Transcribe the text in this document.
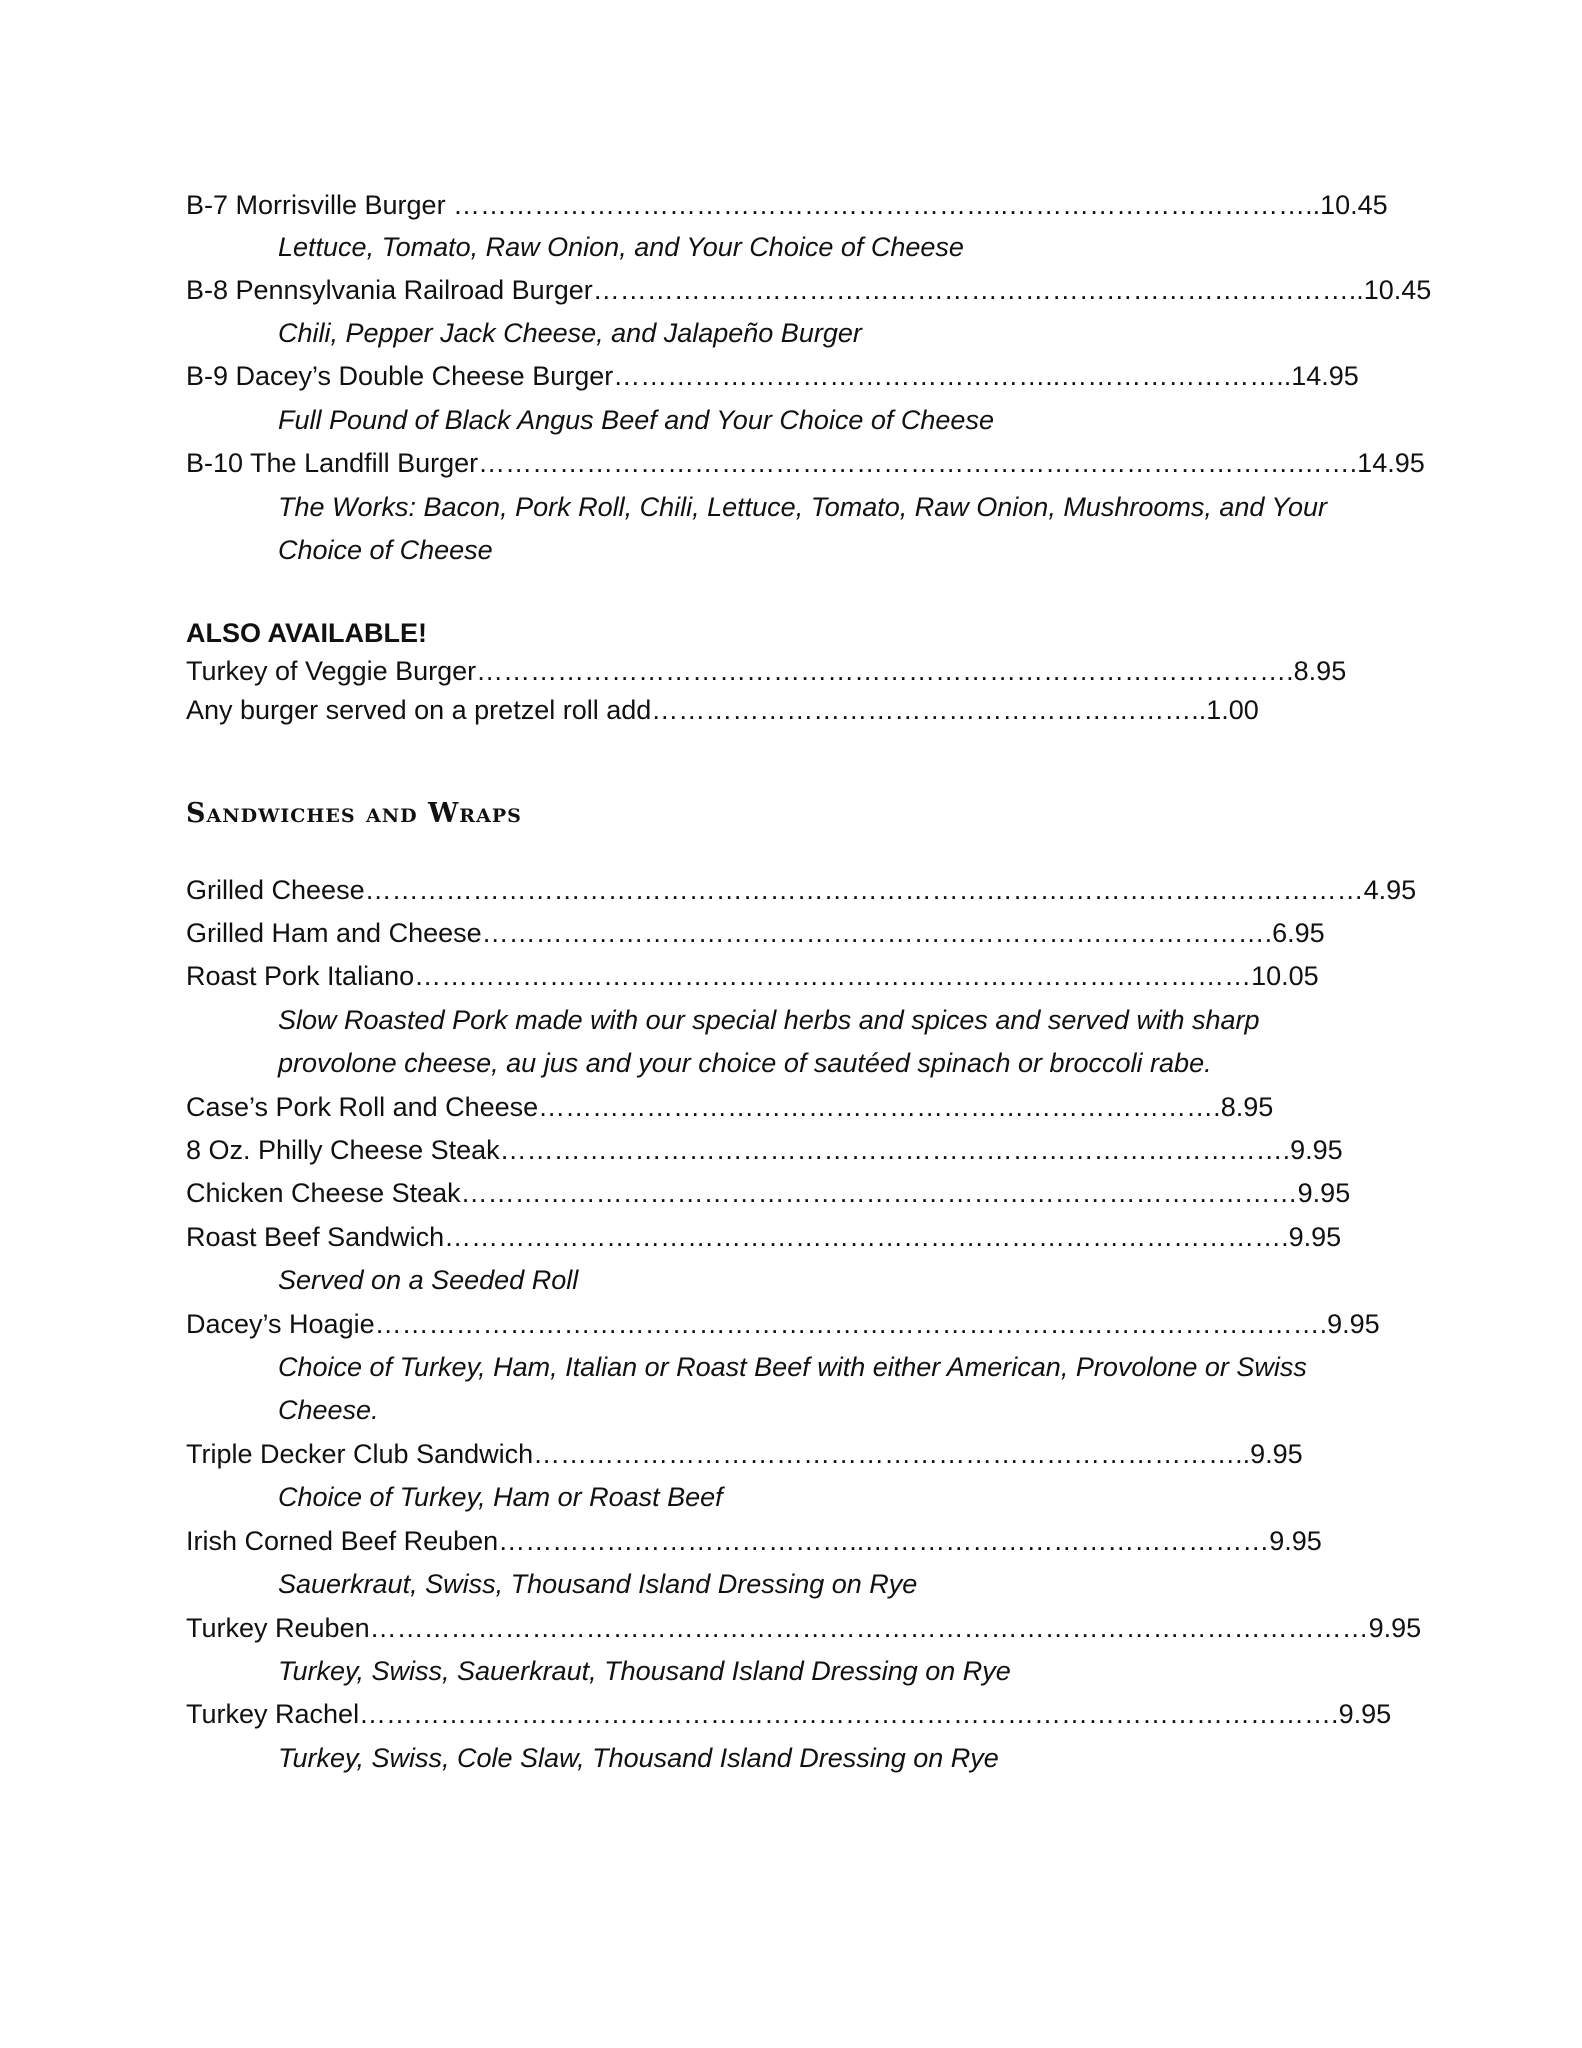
B-7 Morrisville Burger ……………………………………………………..……………………………..10.45
Lettuce, Tomato, Raw Onion, and Your Choice of Cheese
B-8 Pennsylvania Railroad Burger…………………………………………………………………………..10.45
Chili, Pepper Jack Cheese, and Jalapeño Burger
B-9 Dacey’s Double Cheese Burger…………………………………………..……………………..14.95
Full Pound of Black Angus Beef and Your Choice of Cheese
B-10 The Landfill Burger……………………………………………………………………………….…….14.95
The Works: Bacon, Pork Roll, Chili, Lettuce, Tomato, Raw Onion, Mushrooms, and Your
Choice of Cheese
ALSO AVAILABLE!
Turkey of Veggie Burger……………………………………………………………………………….8.95
Any burger served on a pretzel roll add……………………………………………………..1.00
Sandwiches and Wraps
Grilled Cheese…………………………………………………………………………………………………4.95
Grilled Ham and Cheese…………………………………………………………………………….6.95
Roast Pork Italiano…………………………………………………………………………………10.05
Slow Roasted Pork made with our special herbs and spices and served with sharp
provolone cheese, au jus and your choice of sautéed spinach or broccoli rabe.
Case’s Pork Roll and Cheese………………………………………………………………….8.95
8 Oz. Philly Cheese Steak…………………………………………………………………………….9.95
Chicken Cheese Steak…………………………………………………………………………………9.95
Roast Beef Sandwich………………………………………………………………………………….9.95
Served on a Seeded Roll
Dacey’s Hoagie…………………………………………………………………………………………….9.95
Choice of Turkey, Ham, Italian or Roast Beef with either American, Provolone or Swiss
Cheese.
Triple Decker Club Sandwich……………………………………………………………………..9.95
Choice of Turkey, Ham or Roast Beef
Irish Corned Beef Reuben…………………………………..………………………………………9.95
Sauerkraut, Swiss, Thousand Island Dressing on Rye
Turkey Reuben…………………………………………………………………………………………………9.95
Turkey, Swiss, Sauerkraut, Thousand Island Dressing on Rye
Turkey Rachel……………………………………………………………………………………………….9.95
Turkey, Swiss, Cole Slaw, Thousand Island Dressing on Rye
